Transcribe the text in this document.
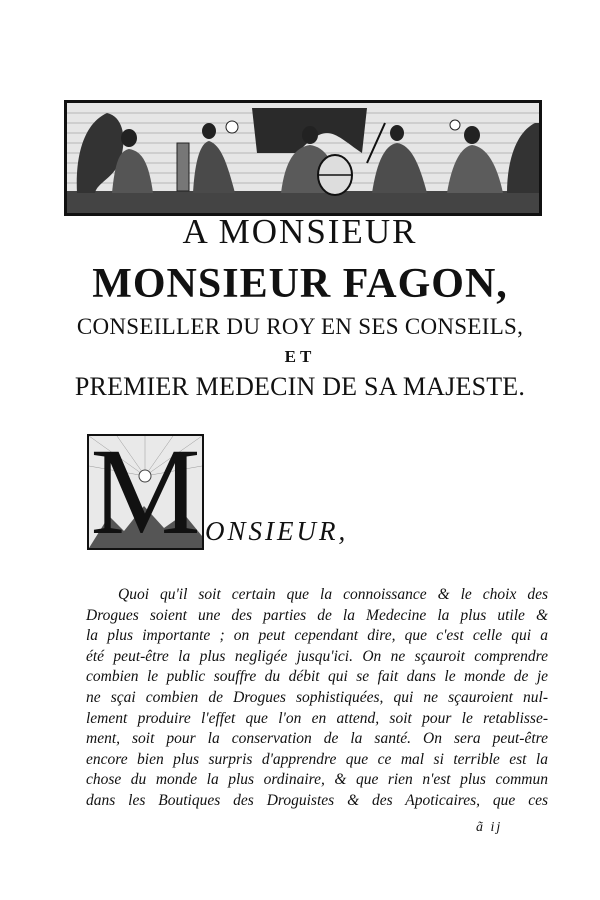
A MONSIEUR
MONSIEUR FAGON,
CONSEILLER DU ROY EN SES CONSEILS,
ET
PREMIER MEDECIN DE SA MAJESTE.
M ONSIEUR,
Quoi qu'il soit certain que la connoissance & le choix des
Drogues soient une des parties de la Medecine la plus utile &
la plus importante ; on peut cependant dire, que c'est celle qui a
été peut-être la plus negligée jusqu'ici. On ne sçauroit comprendre
combien le public souffre du débit qui se fait dans le monde de je
ne sçai combien de Drogues sophistiquées, qui ne sçauroient nul-
lement produire l'effet que l'on en attend, soit pour le retablisse-
ment, soit pour la conservation de la santé. On sera peut-être
encore bien plus surpris d'apprendre que ce mal si terrible est la
chose du monde la plus ordinaire, & que rien n'est plus commun
dans les Boutiques des Droguistes & des Apoticaires, que ces
ã ij
